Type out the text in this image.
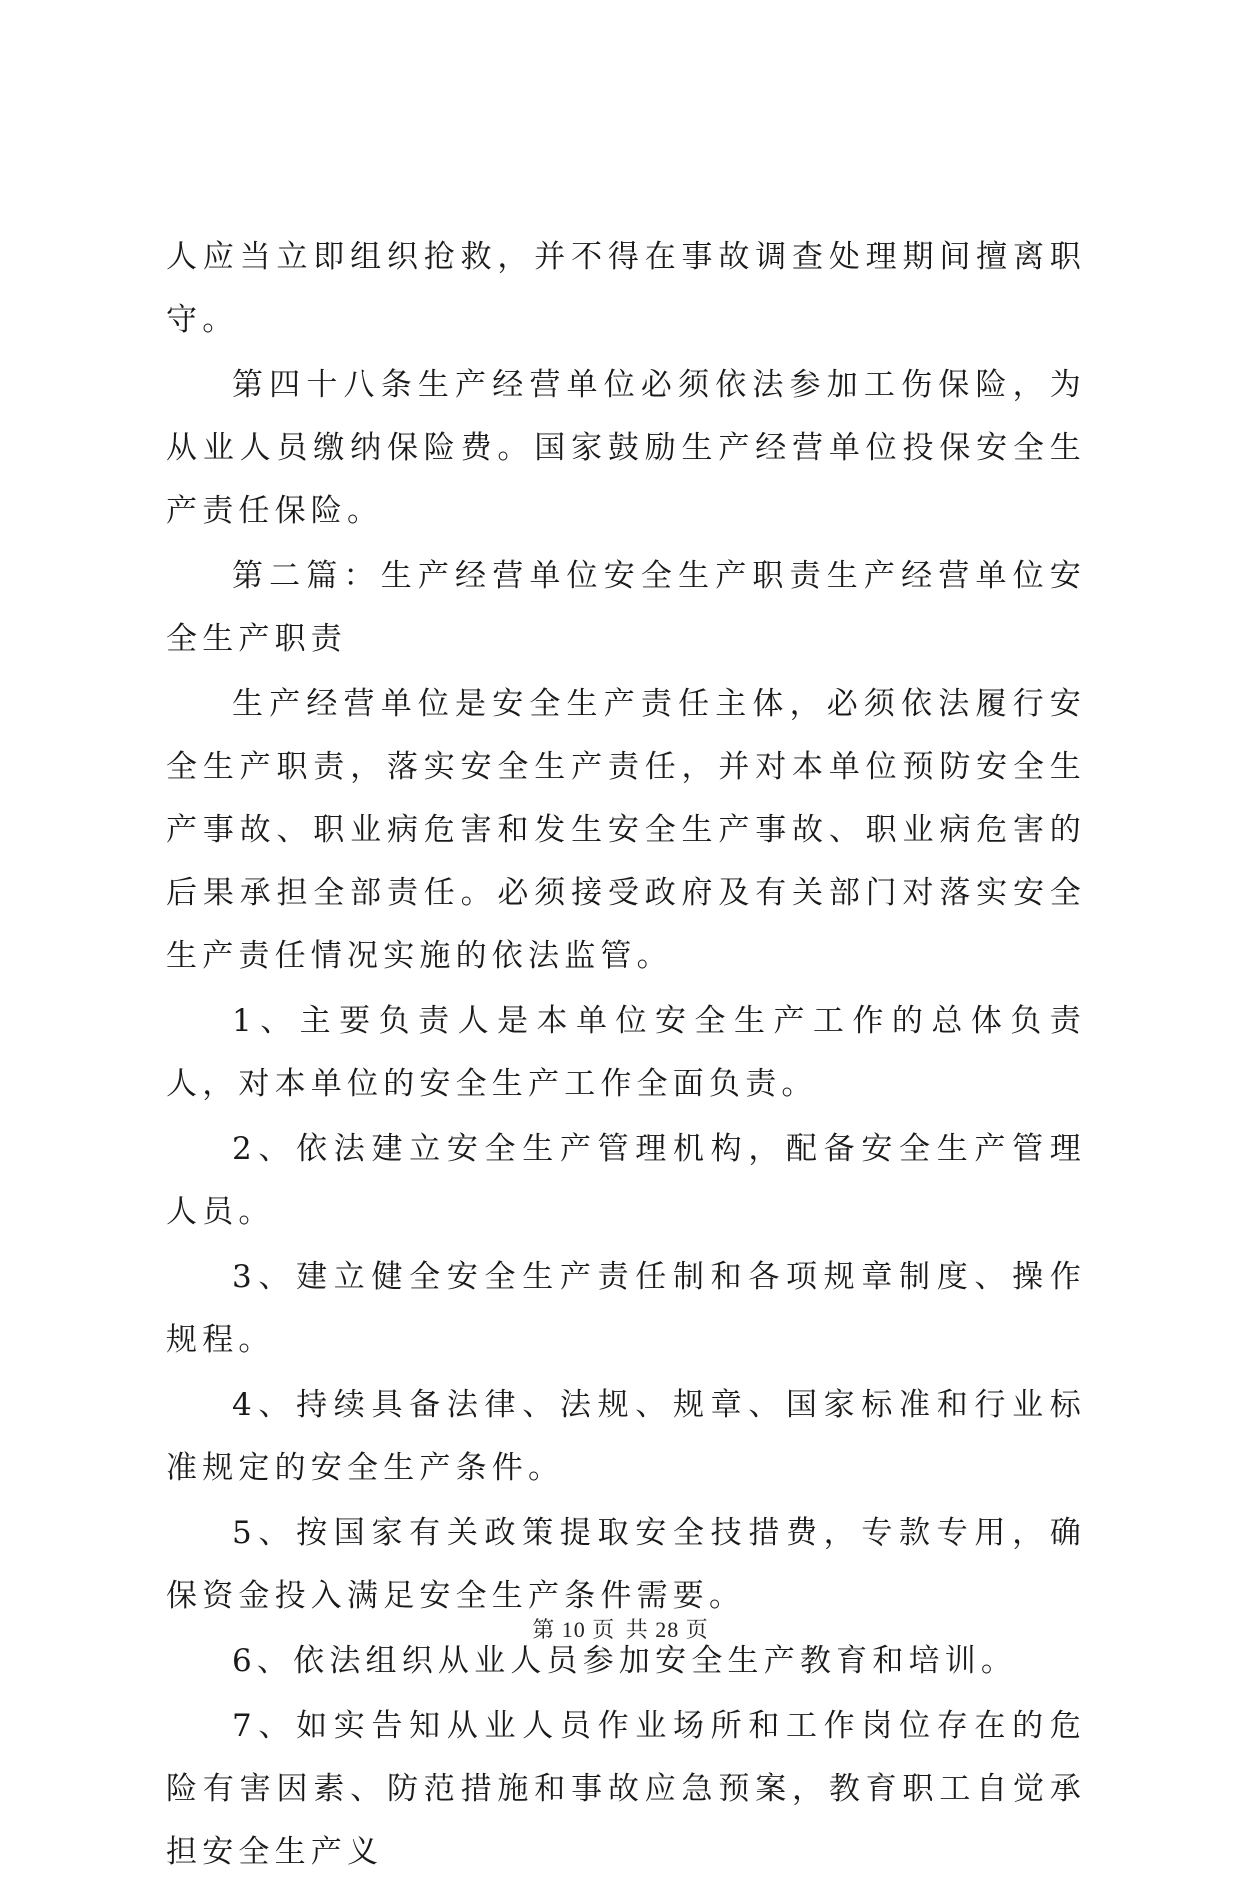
人应当立即组织抢救，并不得在事故调查处理期间擅离职守。

第四十八条生产经营单位必须依法参加工伤保险，为从业人员缴纳保险费。国家鼓励生产经营单位投保安全生产责任保险。

第二篇：生产经营单位安全生产职责生产经营单位安全生产职责

生产经营单位是安全生产责任主体，必须依法履行安全生产职责，落实安全生产责任，并对本单位预防安全生产事故、职业病危害和发生安全生产事故、职业病危害的后果承担全部责任。必须接受政府及有关部门对落实安全生产责任情况实施的依法监管。

1、主要负责人是本单位安全生产工作的总体负责人，对本单位的安全生产工作全面负责。

2、依法建立安全生产管理机构，配备安全生产管理人员。

3、建立健全安全生产责任制和各项规章制度、操作规程。

4、持续具备法律、法规、规章、国家标准和行业标准规定的安全生产条件。

5、按国家有关政策提取安全技措费，专款专用，确保资金投入满足安全生产条件需要。

6、依法组织从业人员参加安全生产教育和培训。

7、如实告知从业人员作业场所和工作岗位存在的危险有害因素、防范措施和事故应急预案，教育职工自觉承担安全生产义

第 10 页 共 28 页
